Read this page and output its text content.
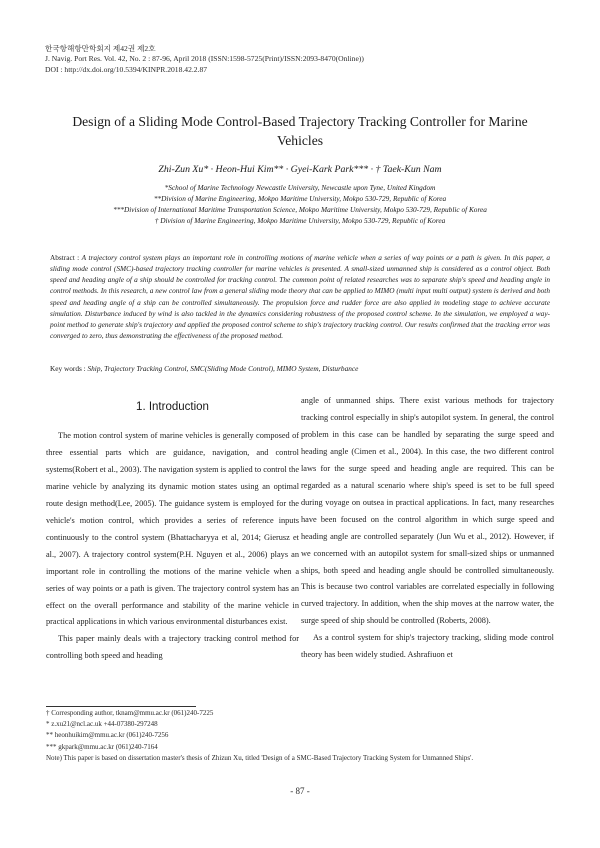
한국항해항만학회지 제42권 제2호
J. Navig. Port Res. Vol. 42, No. 2 : 87-96, April 2018 (ISSN:1598-5725(Print)/ISSN:2093-8470(Online))
DOI : http://dx.doi.org/10.5394/KINPR.2018.42.2.87
Design of a Sliding Mode Control-Based Trajectory Tracking Controller for Marine Vehicles
Zhi-Zun Xu* · Heon-Hui Kim** · Gyei-Kark Park*** · † Taek-Kun Nam
*School of Marine Technology Newcastle University, Newcastle upon Tyne, United Kingdom
**Division of Marine Engineering, Mokpo Maritime University, Mokpo 530-729, Republic of Korea
***Division of International Maritime Transportation Science, Mokpo Maritime University, Mokpo 530-729, Republic of Korea
† Division of Marine Engineering, Mokpo Maritime University, Mokpo 530-729, Republic of Korea
Abstract : A trajectory control system plays an important role in controlling motions of marine vehicle when a series of way points or a path is given. In this paper, a sliding mode control (SMC)-based trajectory tracking controller for marine vehicles is presented. A small-sized unmanned ship is considered as a control object. Both speed and heading angle of a ship should be controlled for tracking control. The common point of related researches was to separate ship's speed and heading angle in control methods. In this research, a new control law from a general sliding mode theory that can be applied to MIMO (multi input multi output) system is derived and both speed and heading angle of a ship can be controlled simultaneously. The propulsion force and rudder force are also applied in modeling stage to achieve accurate simulation. Disturbance induced by wind is also tackled in the dynamics considering robustness of the proposed control scheme. In the simulation, we employed a way-point method to generate ship's trajectory and applied the proposed control scheme to ship's trajectory tracking control. Our results confirmed that the tracking error was converged to zero, thus demonstrating the effectiveness of the proposed method.
Key words : Ship, Trajectory Tracking Control, SMC(Sliding Mode Control), MIMO System, Disturbance
1. Introduction

The motion control system of marine vehicles is generally composed of three essential parts which are guidance, navigation, and control systems(Robert et al., 2003). The navigation system is applied to control the marine vehicle by analyzing its dynamic motion states using an optimal route design method(Lee, 2005). The guidance system is employed for the vehicle's motion control, which provides a series of reference inputs continuously to the control system (Bhattacharyya et al, 2014; Gierusz et al., 2007). A trajectory control system(P.H. Nguyen et al., 2006) plays an important role in controlling the motions of the marine vehicle when a series of way points or a path is given. The trajectory control system has an effect on the overall performance and stability of the marine vehicle in practical applications in which various environmental disturbances exist.

This paper mainly deals with a trajectory tracking control method for controlling both speed and heading

angle of unmanned ships. There exist various methods for trajectory tracking control especially in ship's autopilot system. In general, the control problem in this case can be handled by separating the surge speed and heading angle (Cimen et al., 2004). In this case, the two different control laws for the surge speed and heading angle are required. This can be regarded as a natural scenario where ship's speed is set to be full speed during voyage on outsea in practical applications. In fact, many researches have been focused on the control algorithm in which surge speed and heading angle are controlled separately (Jun Wu et al., 2012). However, if we concerned with an autopilot system for small-sized ships or unmanned ships, both speed and heading angle should be controlled simultaneously. This is because two control variables are correlated especially in following curved trajectory. In addition, when the ship moves at the narrow water, the surge speed of ship should be controlled (Roberts, 2008).

As a control system for ship's trajectory tracking, sliding mode control theory has been widely studied. Ashrafiuon et

† Corresponding author, tknam@mmu.ac.kr (061)240-7225
* z.xu21@ncl.ac.uk +44-07380-297248
** heonhuikim@mmu.ac.kr (061)240-7256
*** gkpark@mmu.ac.kr (061)240-7164
Note) This paper is based on dissertation master's thesis of Zhizun Xu, titled 'Design of a SMC-Based Trajectory Tracking System for Unmanned Ships'.
- 87 -
